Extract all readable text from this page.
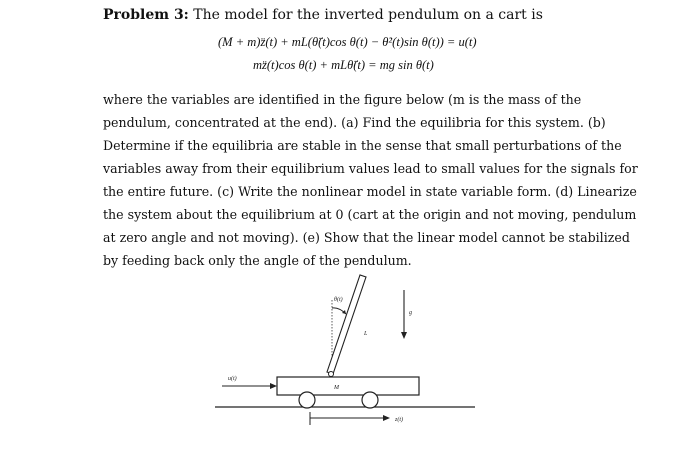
Problem 3: The model for the inverted pendulum on a cart is
(M + m)z̈(t) + mL(θ̈(t)cos θ(t) − θ̇²(t)sin θ(t)) = u(t)
mz̈(t)cos θ(t) + mLθ̈(t) = mg sin θ(t)
where the variables are identified in the figure below (m is the mass of the
pendulum, concentrated at the end). (a) Find the equilibria for this system. (b)
Determine if the equilibria are stable in the sense that small perturbations of the
variables away from their equilibrium values lead to small values for the signals for
the entire future. (c) Write the nonlinear model in state variable form. (d) Linearize
the system about the equilibrium at 0 (cart at the origin and not moving, pendulum
at zero angle and not moving). (e) Show that the linear model cannot be stabilized
by feeding back only the angle of the pendulum.
θ(t)
L
g
u(t)
M
z(t)
